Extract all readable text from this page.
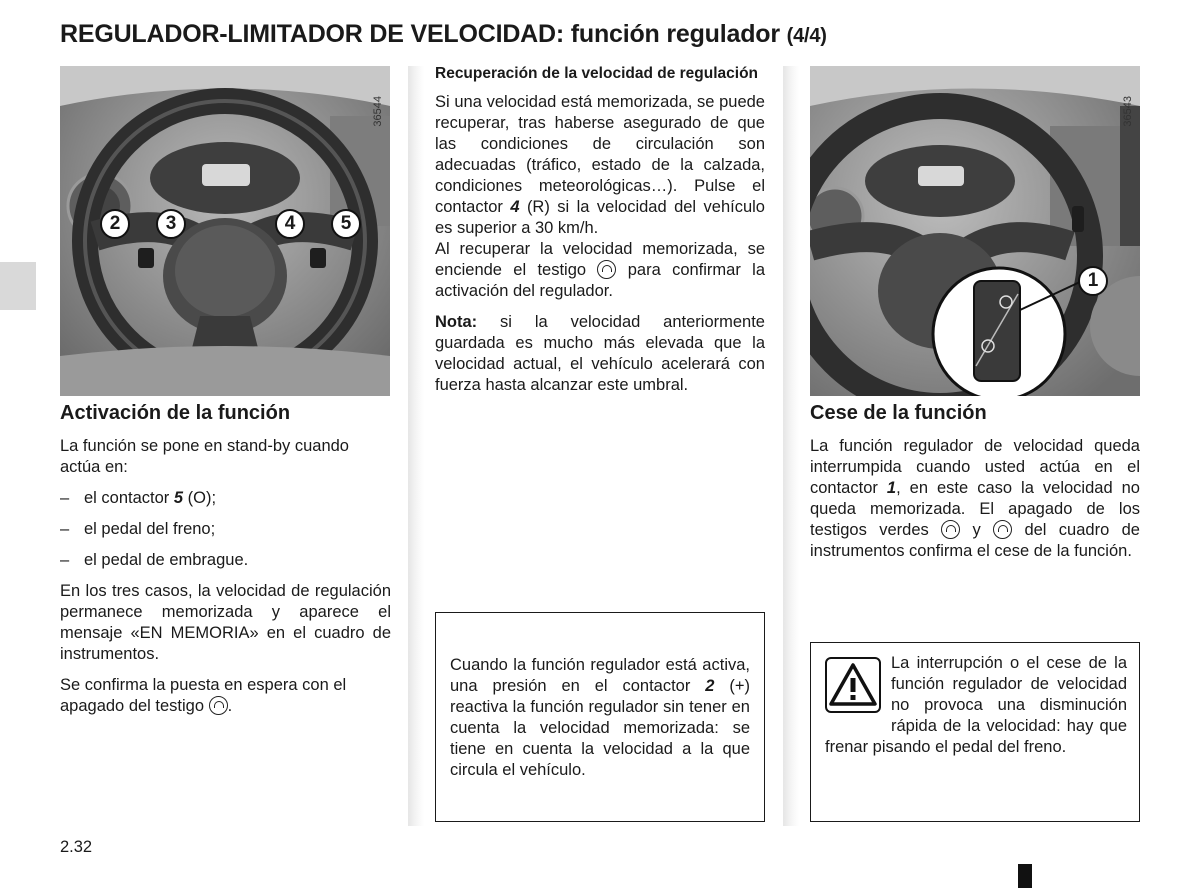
REGULADOR-LIMITADOR DE VELOCIDAD: función regulador (4/4)
36544
2	3	4	5
Activación de la función

La función se pone en stand-by cuando actúa en:

– el contactor 5 (O);

– el pedal del freno;

– el pedal de embrague.

En los tres casos, la velocidad de regulación permanece memorizada y aparece el mensaje «EN MEMORIA» en el cuadro de instrumentos.

Se confirma la puesta en espera con el apagado del testigo .

Recuperación de la velocidad de regulación

Si una velocidad está memorizada, se puede recuperar, tras haberse asegurado de que las condiciones de circulación son adecuadas (tráfico, estado de la calzada, condiciones meteorológicas…). Pulse el contactor 4 (R) si la velocidad del vehículo es superior a 30 km/h.

Al recuperar la velocidad memorizada, se enciende el testigo	para confirmar la activación del regulador.

Nota: si la velocidad anteriormente guardada es mucho más elevada que la velocidad actual, el vehículo acelerará con fuerza hasta alcanzar este umbral.

Cuando la función regulador está activa, una presión en el contactor 2 (+) reactiva la función regulador sin tener en cuenta la velocidad memorizada: se tiene en cuenta la velocidad a la que circula el vehículo.
36543
1
Cese de la función
La función regulador de velocidad queda interrumpida cuando usted actúa en el contactor 1, en este caso la velocidad no queda memorizada. El apagado de los testigos verdes	y	del cuadro de instrumentos confirma el cese de la función.
La interrupción o el cese de la función regulador de velocidad no provoca una disminución rápida de la velocidad: hay que frenar pisando el pedal del freno.
2.32
